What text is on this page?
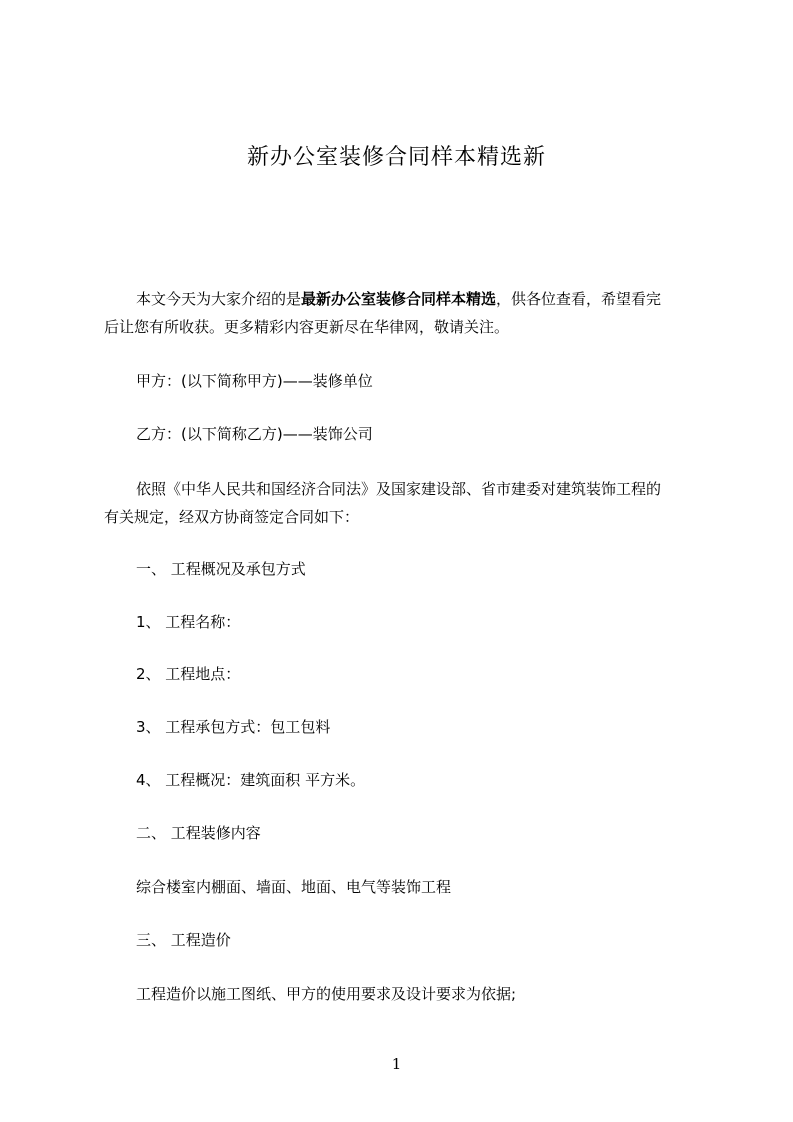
新办公室装修合同样本精选新
本文今天为大家介绍的是最新办公室装修合同样本精选，供各位查看，希望看完
后让您有所收获。更多精彩内容更新尽在华律网，敬请关注。
甲方：(以下简称甲方)——装修单位
乙方：(以下简称乙方)——装饰公司
依照《中华人民共和国经济合同法》及国家建设部、省市建委对建筑装饰工程的
有关规定，经双方协商签定合同如下：
一、 工程概况及承包方式
1、 工程名称：
2、 工程地点：
3、 工程承包方式：包工包料
4、 工程概况：建筑面积 平方米。
二、 工程装修内容
综合楼室内棚面、墙面、地面、电气等装饰工程
三、 工程造价
工程造价以施工图纸、甲方的使用要求及设计要求为依据;
1
